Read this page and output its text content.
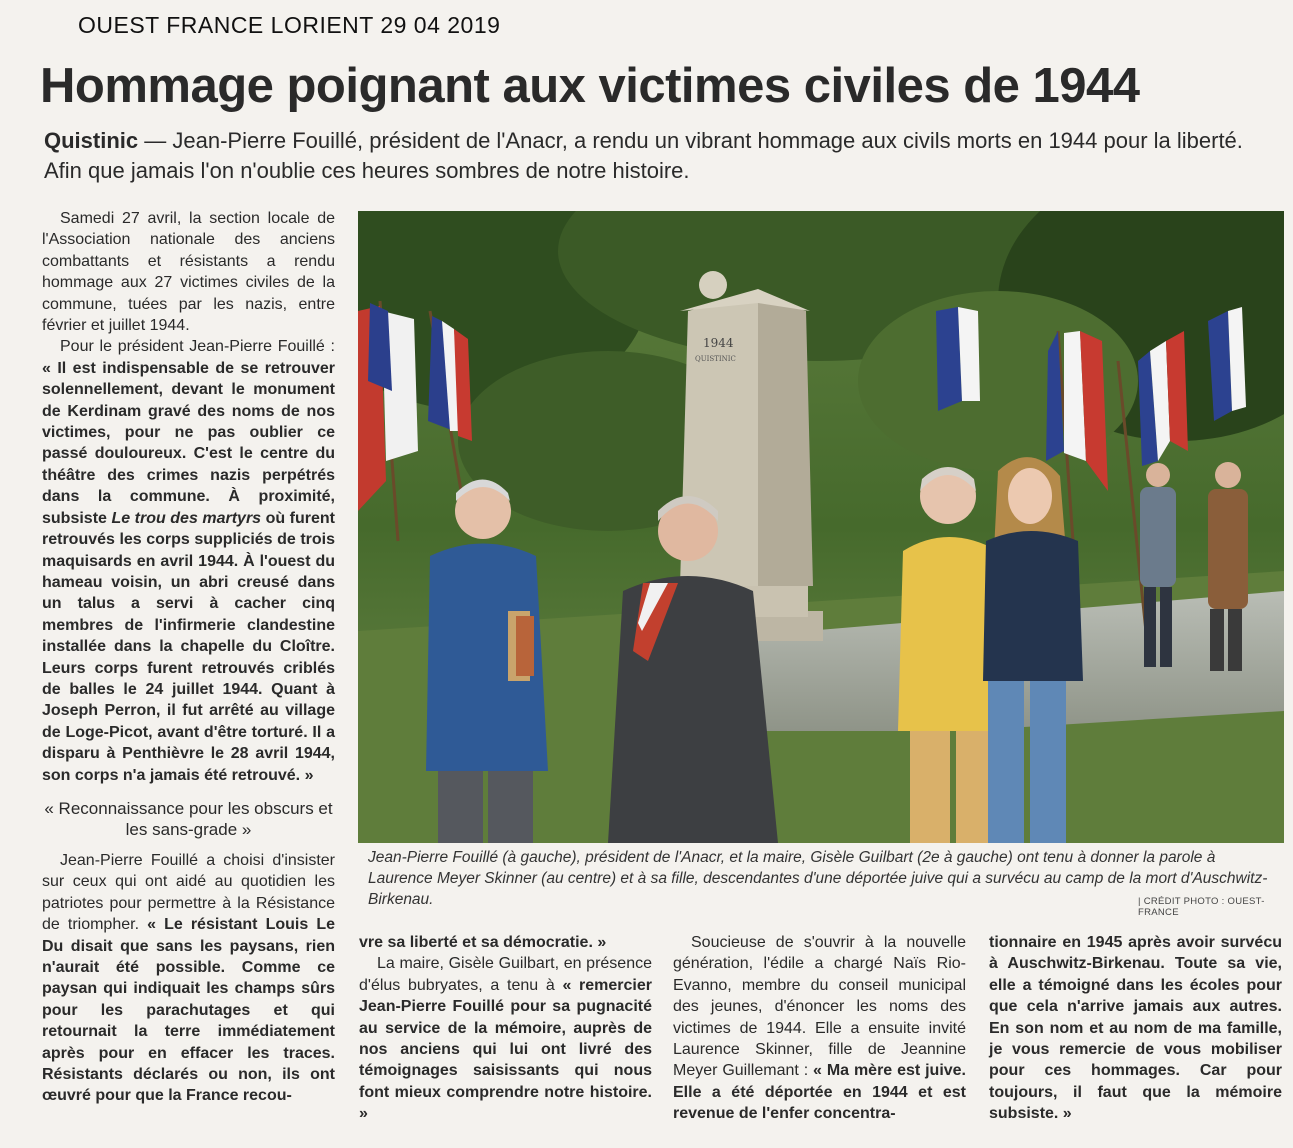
OUEST FRANCE LORIENT 29 04 2019
Hommage poignant aux victimes civiles de 1944
Quistinic — Jean-Pierre Fouillé, président de l'Anacr, a rendu un vibrant hommage aux civils morts en 1944 pour la liberté. Afin que jamais l'on n'oublie ces heures sombres de notre histoire.

Samedi 27 avril, la section locale de l'Association nationale des anciens combattants et résistants a rendu hommage aux 27 victimes civiles de la commune, tuées par les nazis, entre février et juillet 1944.

Pour le président Jean-Pierre Fouillé : « Il est indispensable de se retrouver solennellement, devant le monument de Kerdinam gravé des noms de nos victimes, pour ne pas oublier ce passé douloureux. C'est le centre du théâtre des crimes nazis perpétrés dans la commune. À proximité, subsiste Le trou des martyrs où furent retrouvés les corps suppliciés de trois maquisards en avril 1944. À l'ouest du hameau voisin, un abri creusé dans un talus a servi à cacher cinq membres de l'infirmerie clandestine installée dans la chapelle du Cloître. Leurs corps furent retrouvés criblés de balles le 24 juillet 1944. Quant à Joseph Perron, il fut arrêté au village de Loge-Picot, avant d'être torturé. Il a disparu à Penthièvre le 28 avril 1944, son corps n'a jamais été retrouvé. »

« Reconnaissance pour les obscurs et les sans-grade »

Jean-Pierre Fouillé a choisi d'insister sur ceux qui ont aidé au quotidien les patriotes pour permettre à la Résistance de triompher. « Le résistant Louis Le Du disait que sans les paysans, rien n'aurait été possible. Comme ce paysan qui indiquait les champs sûrs pour les parachutages et qui retournait la terre immédiatement après pour en effacer les traces. Résistants déclarés ou non, ils ont œuvré pour que la France recou-

1944
QUISTINIC
Jean-Pierre Fouillé (à gauche), président de l'Anacr, et la maire, Gisèle Guilbart (2e à gauche) ont tenu à donner la parole à Laurence Meyer Skinner (au centre) et à sa fille, descendantes d'une déportée juive qui a survécu au camp de la mort d'Auschwitz-Birkenau.	| CRÉDIT PHOTO : OUEST-FRANCE

vre sa liberté et sa démocratie. »

La maire, Gisèle Guilbart, en présence d'élus bubryates, a tenu à « remercier Jean-Pierre Fouillé pour sa pugnacité au service de la mémoire, auprès de nos anciens qui lui ont livré des témoignages saisissants qui nous font mieux comprendre notre histoire. »

Soucieuse de s'ouvrir à la nouvelle génération, l'édile a chargé Naïs Rio-Evanno, membre du conseil municipal des jeunes, d'énoncer les noms des victimes de 1944. Elle a ensuite invité Laurence Skinner, fille de Jeannine Meyer Guillemant : « Ma mère est juive. Elle a été déportée en 1944 et est revenue de l'enfer concentra-

tionnaire en 1945 après avoir survécu à Auschwitz-Birkenau. Toute sa vie, elle a témoigné dans les écoles pour que cela n'arrive jamais aux autres. En son nom et au nom de ma famille, je vous remercie de vous mobiliser pour ces hommages. Car pour toujours, il faut que la mémoire subsiste. »
